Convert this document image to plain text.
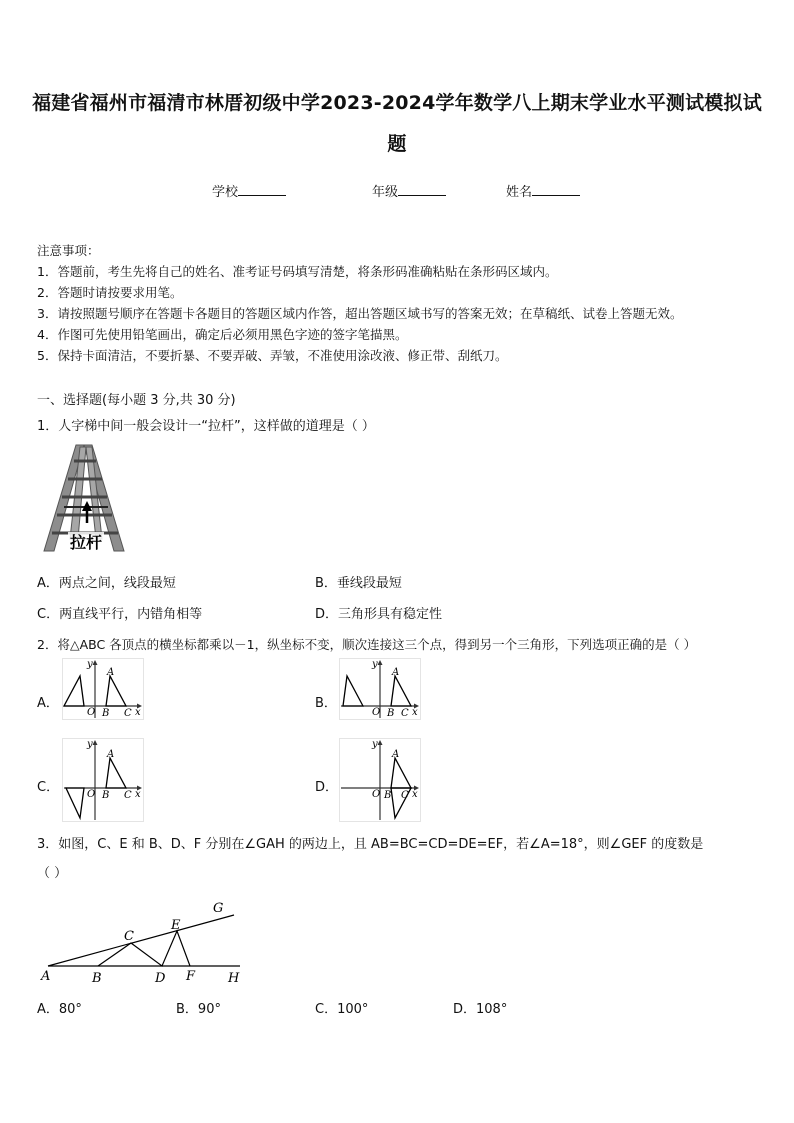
福建省福州市福清市林厝初级中学2023-2024学年数学八上期末学业水平测试模拟试
题
学校	年级	姓名
注意事项：
1．答题前，考生先将自己的姓名、准考证号码填写清楚，将条形码准确粘贴在条形码区域内。
2．答题时请按要求用笔。
3．请按照题号顺序在答题卡各题目的答题区域内作答，超出答题区域书写的答案无效；在草稿纸、试卷上答题无效。
4．作图可先使用铅笔画出，确定后必须用黑色字迹的签字笔描黑。
5．保持卡面清洁，不要折暴、不要弄破、弄皱，不准使用涂改液、修正带、刮纸刀。
一、选择题(每小题 3 分,共 30 分)
1．人字梯中间一般会设计一“拉杆”，这样做的道理是（ ）
拉杆
A．两点之间，线段最短	B．垂线段最短
C．两直线平行，内错角相等	D．三角形具有稳定性
2．将△ABC 各顶点的横坐标都乘以－1，纵坐标不变，顺次连接这三个点，得到另一个三角形，下列选项正确的是（ ）
A．
y
x
O
A
B C
B．
y
x
O
A
B C
C．
y
x
O
A
B C
D．
y
x
O
A
B C
3．如图，C、E 和 B、D、F 分别在∠GAH 的两边上，且 AB=BC=CD=DE=EF，若∠A=18°，则∠GEF 的度数是
（ ）
A	B
C
D
E
F
G
H
A．80°	B．90°	C．100°	D．108°
